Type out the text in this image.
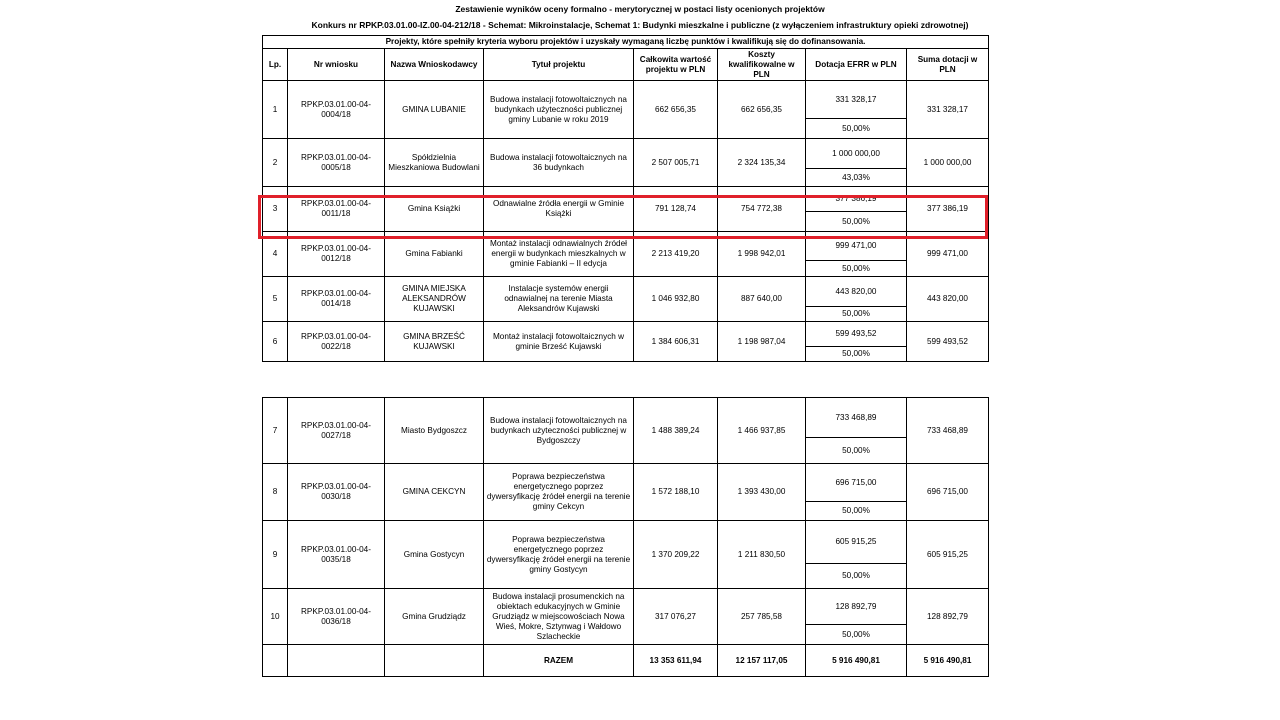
Zestawienie wyników oceny formalno - merytorycznej w postaci listy ocenionych projektów
Konkurs nr RPKP.03.01.00-IZ.00-04-212/18 - Schemat: Mikroinstalacje, Schemat 1: Budynki mieszkalne i publiczne (z wyłączeniem infrastruktury opieki zdrowotnej)
Projekty, które spełniły kryteria wyboru projektów i uzyskały wymaganą liczbę punktów i kwalifikują się do dofinansowania.							
Lp.	Nr wniosku	Nazwa Wnioskodawcy	Tytuł projektu	Całkowita wartość projektu w PLN	Koszty kwalifikowalne w PLN	Dotacja EFRR w PLN	Suma dotacji w PLN
1	RPKP.03.01.00-04-0004/18	GMINA LUBANIE	Budowa instalacji fotowoltaicznych na budynkach użyteczności publicznej gminy Lubanie w roku 2019	662 656,35	662 656,35	331 328,17	331 328,17
						50,00%	
2	RPKP.03.01.00-04-0005/18	Spółdzielnia Mieszkaniowa Budowlani	Budowa instalacji fotowoltaicznych na 36 budynkach	2 507 005,71	2 324 135,34	1 000 000,00	1 000 000,00
						43,03%	
3	RPKP.03.01.00-04-0011/18	Gmina Książki	Odnawialne źródła energii w Gminie Książki	791 128,74	754 772,38	377 386,19	377 386,19
						50,00%	
4	RPKP.03.01.00-04-0012/18	Gmina Fabianki	Montaż instalacji odnawialnych źródeł energii w budynkach mieszkalnych w gminie Fabianki – II edycja	2 213 419,20	1 998 942,01	999 471,00	999 471,00
						50,00%	
5	RPKP.03.01.00-04-0014/18	GMINA MIEJSKA ALEKSANDRÓW KUJAWSKI	Instalacje systemów energii odnawialnej na terenie Miasta Aleksandrów Kujawski	1 046 932,80	887 640,00	443 820,00	443 820,00
						50,00%	
6	RPKP.03.01.00-04-0022/18	GMINA BRZEŚĆ KUJAWSKI	Montaż instalacji fotowoltaicznych w gminie Brześć Kujawski	1 384 606,31	1 198 987,04	599 493,52	599 493,52
						50,00%	
7	RPKP.03.01.00-04-0027/18	Miasto Bydgoszcz	Budowa instalacji fotowoltaicznych na budynkach użyteczności publicznej w Bydgoszczy	1 488 389,24	1 466 937,85	733 468,89	733 468,89
						50,00%	
8	RPKP.03.01.00-04-0030/18	GMINA CEKCYN	Poprawa bezpieczeństwa energetycznego poprzez dywersyfikację źródeł energii na terenie gminy Cekcyn	1 572 188,10	1 393 430,00	696 715,00	696 715,00
						50,00%	
9	RPKP.03.01.00-04-0035/18	Gmina Gostycyn	Poprawa bezpieczeństwa energetycznego poprzez dywersyfikację źródeł energii na terenie gminy Gostycyn	1 370 209,22	1 211 830,50	605 915,25	605 915,25
						50,00%	
10	RPKP.03.01.00-04-0036/18	Gmina Grudziądz	Budowa instalacji prosumenckich na obiektach edukacyjnych w Gminie Grudziądz w miejscowościach Nowa Wieś, Mokre, Sztynwag i Wałdowo Szlacheckie	317 076,27	257 785,58	128 892,79	128 892,79
						50,00%	
			RAZEM	13 353 611,94	12 157 117,05	5 916 490,81	5 916 490,81
